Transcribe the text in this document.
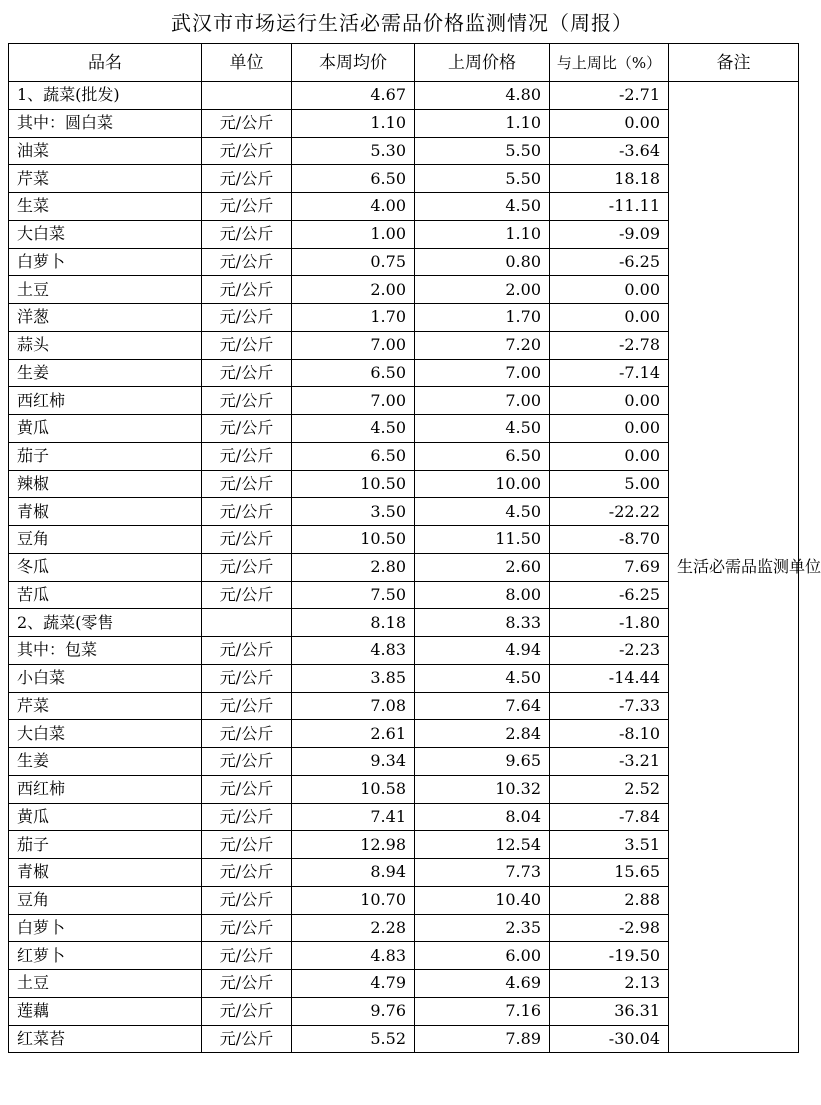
武汉市市场运行生活必需品价格监测情况（周报）
品名	单位	本周均价	上周价格	与上周比（%）	备注
1、蔬菜(批发)		4.67	4.80	-2.71	生活必需品监测单位
其中：圆白菜	元/公斤	1.10	1.10	0.00	
油菜	元/公斤	5.30	5.50	-3.64	
芹菜	元/公斤	6.50	5.50	18.18	
生菜	元/公斤	4.00	4.50	-11.11	
大白菜	元/公斤	1.00	1.10	-9.09	
白萝卜	元/公斤	0.75	0.80	-6.25	
土豆	元/公斤	2.00	2.00	0.00	
洋葱	元/公斤	1.70	1.70	0.00	
蒜头	元/公斤	7.00	7.20	-2.78	
生姜	元/公斤	6.50	7.00	-7.14	
西红柿	元/公斤	7.00	7.00	0.00	
黄瓜	元/公斤	4.50	4.50	0.00	
茄子	元/公斤	6.50	6.50	0.00	
辣椒	元/公斤	10.50	10.00	5.00	
青椒	元/公斤	3.50	4.50	-22.22	
豆角	元/公斤	10.50	11.50	-8.70	
冬瓜	元/公斤	2.80	2.60	7.69	
苦瓜	元/公斤	7.50	8.00	-6.25	
2、蔬菜(零售		8.18	8.33	-1.80	
其中：包菜	元/公斤	4.83	4.94	-2.23	
小白菜	元/公斤	3.85	4.50	-14.44	
芹菜	元/公斤	7.08	7.64	-7.33	
大白菜	元/公斤	2.61	2.84	-8.10	
生姜	元/公斤	9.34	9.65	-3.21	
西红柿	元/公斤	10.58	10.32	2.52	
黄瓜	元/公斤	7.41	8.04	-7.84	
茄子	元/公斤	12.98	12.54	3.51	
青椒	元/公斤	8.94	7.73	15.65	
豆角	元/公斤	10.70	10.40	2.88	
白萝卜	元/公斤	2.28	2.35	-2.98	
红萝卜	元/公斤	4.83	6.00	-19.50	
土豆	元/公斤	4.79	4.69	2.13	
莲藕	元/公斤	9.76	7.16	36.31	
红菜苔	元/公斤	5.52	7.89	-30.04	
